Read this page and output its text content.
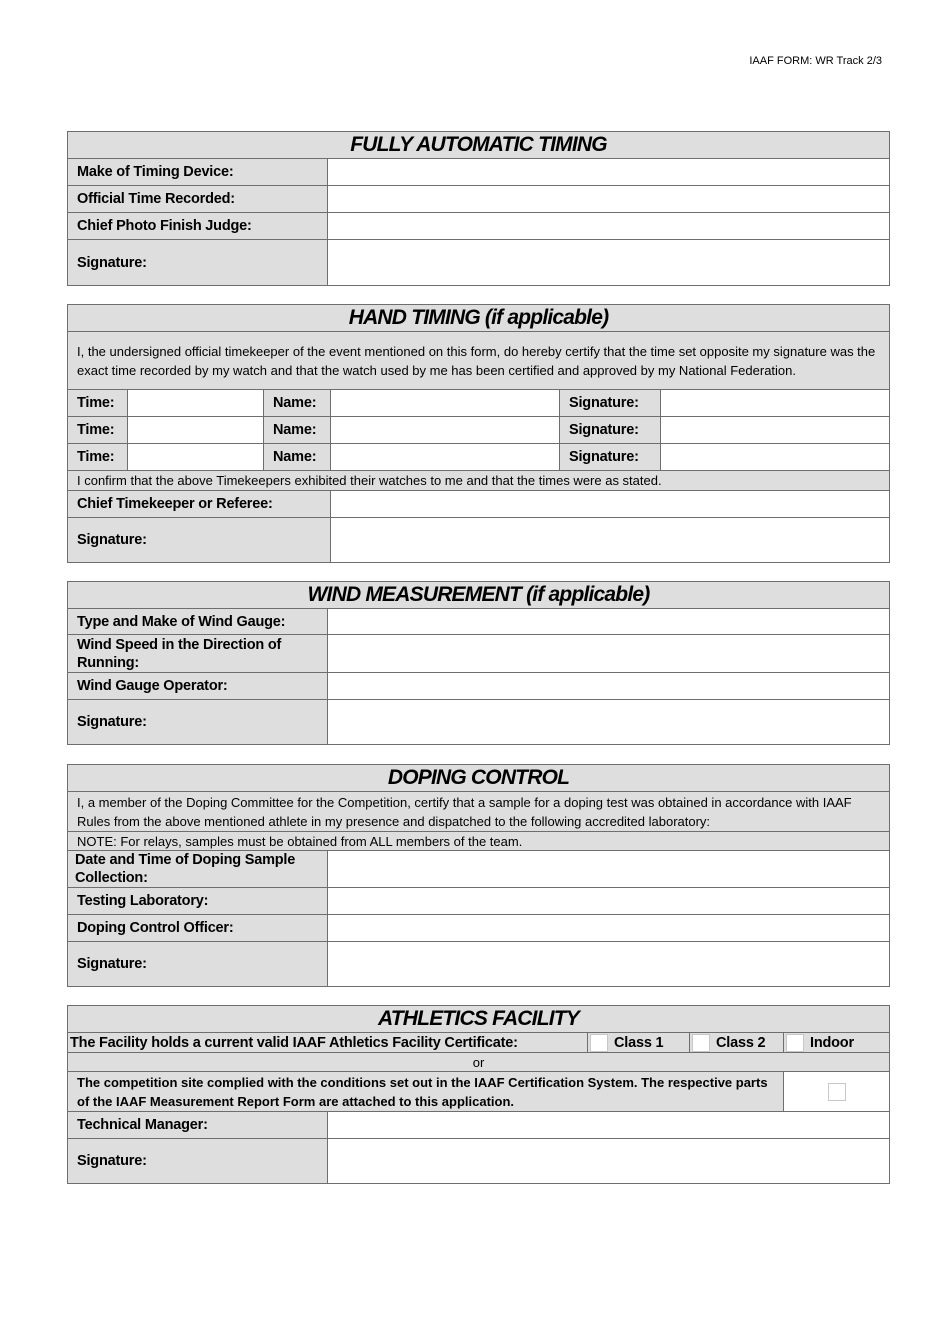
IAAF FORM: WR Track 2/3
FULLY AUTOMATIC TIMING	
Make of Timing Device:	
Official Time Recorded:	
Chief Photo Finish Judge:	
Signature:	
HAND TIMING (if applicable)					
I, the undersigned official timekeeper of the event mentioned on this form, do hereby certify that the time set opposite my signature was the exact time recorded by my watch and that the watch used by me has been certified and approved by my National Federation.					
Time:		Name:		Signature:	
Time:		Name:		Signature:	
Time:		Name:		Signature:	
I confirm that the above Timekeepers exhibited their watches to me and that the times were as stated.					
Chief Timekeeper or Referee:					
Signature:					
WIND MEASUREMENT (if applicable)	
Type and Make of Wind Gauge:	
Wind Speed in the Direction of Running:	
Wind Gauge Operator:	
Signature:	
DOPING CONTROL	
I, a member of the Doping Committee for the Competition, certify that a sample for a doping test was obtained in accordance with IAAF Rules from the above mentioned athlete in my presence and dispatched to the following accredited laboratory:	
NOTE: For relays, samples must be obtained from ALL members of the team.	
Date and Time of Doping Sample Collection:	
Testing Laboratory:	
Doping Control Officer:	
Signature:	
ATHLETICS FACILITY				
The Facility holds a current valid IAAF Athletics Facility Certificate:		Class 1	Class 2	Indoor
or				
The competition site complied with the conditions set out in the IAAF Certification System. The respective parts of the IAAF Measurement Report Form are attached to this application.				
Technical Manager:				
Signature:				
